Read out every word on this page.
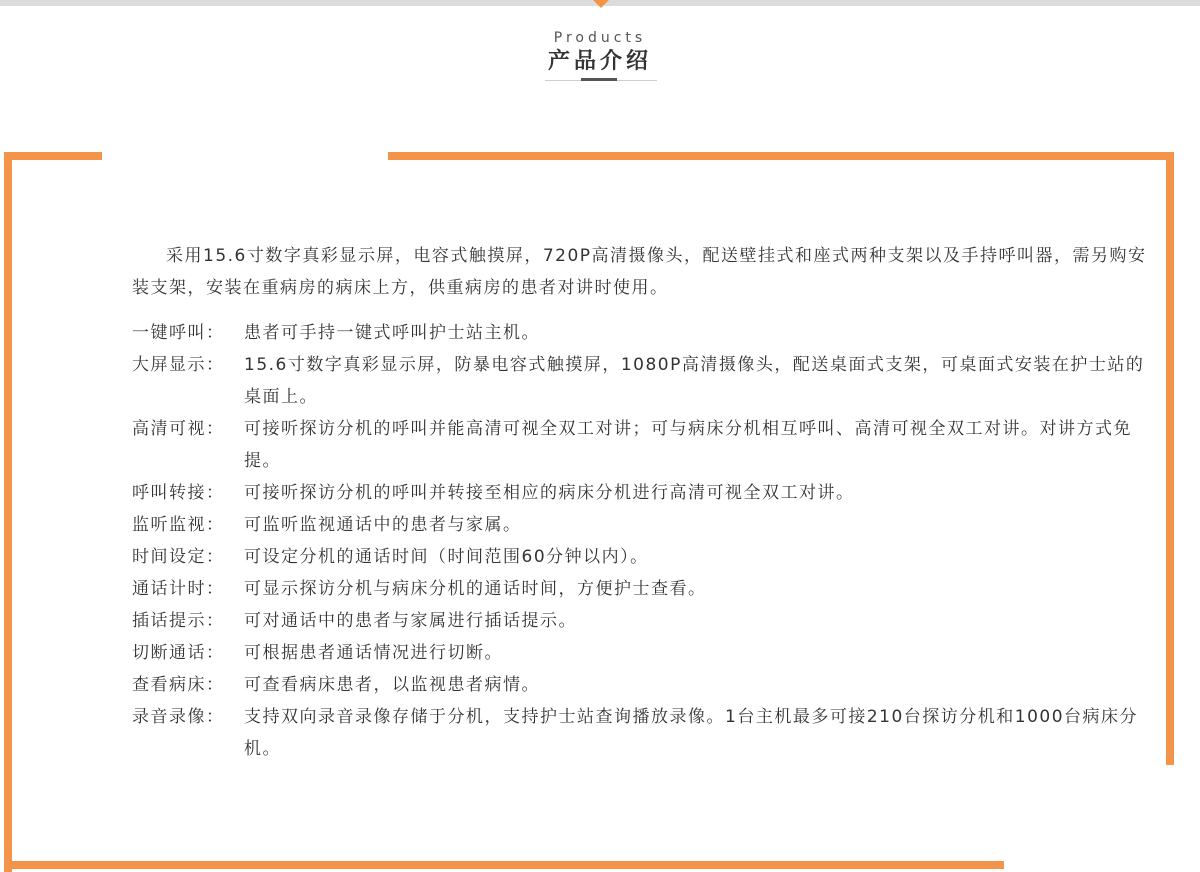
Products
产品介绍

采用15.6寸数字真彩显示屏，电容式触摸屏，720P高清摄像头，配送壁挂式和座式两种支架以及手持呼叫器，需另购安装支架，安装在重病房的病床上方，供重病房的患者对讲时使用。

一键呼叫：	患者可手持一键式呼叫护士站主机。
大屏显示：	15.6寸数字真彩显示屏，防暴电容式触摸屏，1080P高清摄像头，配送桌面式支架，可桌面式安装在护士站的桌面上。
高清可视：	可接听探访分机的呼叫并能高清可视全双工对讲；可与病床分机相互呼叫、高清可视全双工对讲。对讲方式免提。
呼叫转接：	可接听探访分机的呼叫并转接至相应的病床分机进行高清可视全双工对讲。
监听监视：	可监听监视通话中的患者与家属。
时间设定：	可设定分机的通话时间（时间范围60分钟以内）。
通话计时：	可显示探访分机与病床分机的通话时间，方便护士查看。
插话提示：	可对通话中的患者与家属进行插话提示。
切断通话：	可根据患者通话情况进行切断。
查看病床：	可查看病床患者，以监视患者病情。
录音录像：	支持双向录音录像存储于分机，支持护士站查询播放录像。1台主机最多可接210台探访分机和1000台病床分机。
